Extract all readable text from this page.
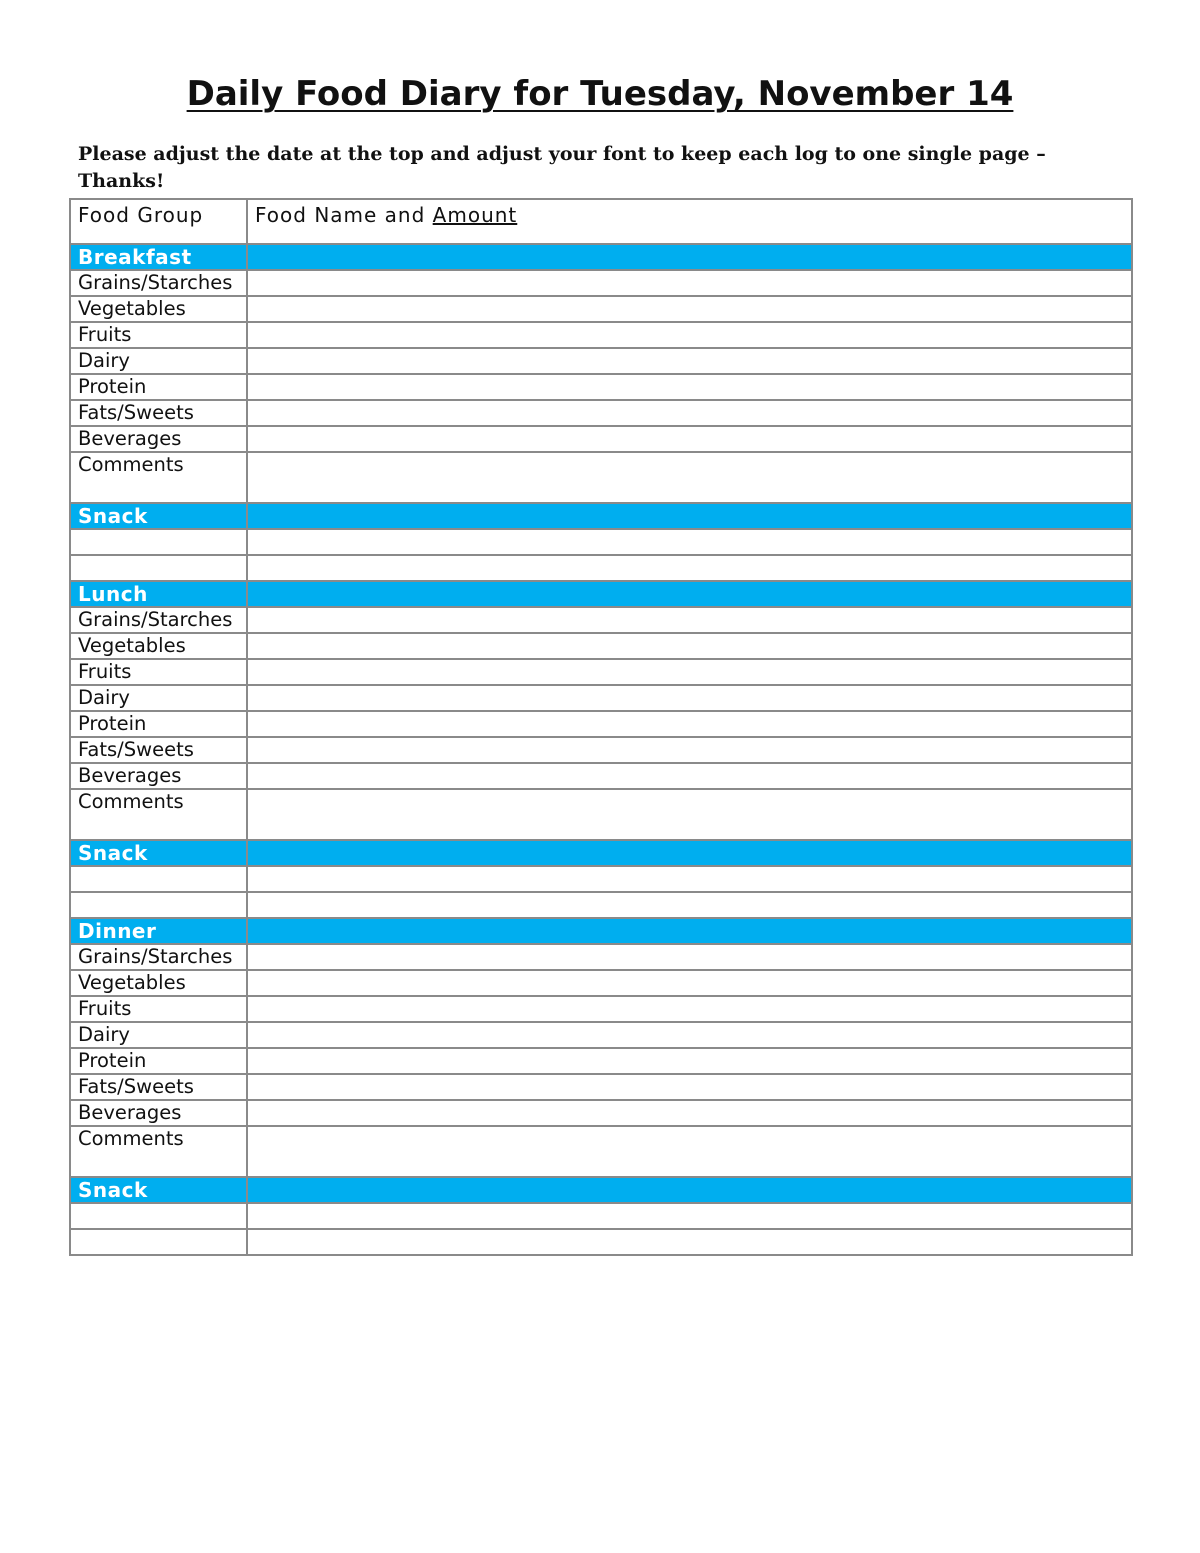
Daily Food Diary for Tuesday, November 14

Please adjust the date at the top and adjust your font to keep each log to one single page – Thanks!

Food Group	Food Name and Amount
Breakfast	
Grains/Starches	
Vegetables	
Fruits	
Dairy	
Protein	
Fats/Sweets	
Beverages	
Comments	
Snack	

Lunch	
Grains/Starches	
Vegetables	
Fruits	
Dairy	
Protein	
Fats/Sweets	
Beverages	
Comments	
Snack	

Dinner	
Grains/Starches	
Vegetables	
Fruits	
Dairy	
Protein	
Fats/Sweets	
Beverages	
Comments	
Snack	
